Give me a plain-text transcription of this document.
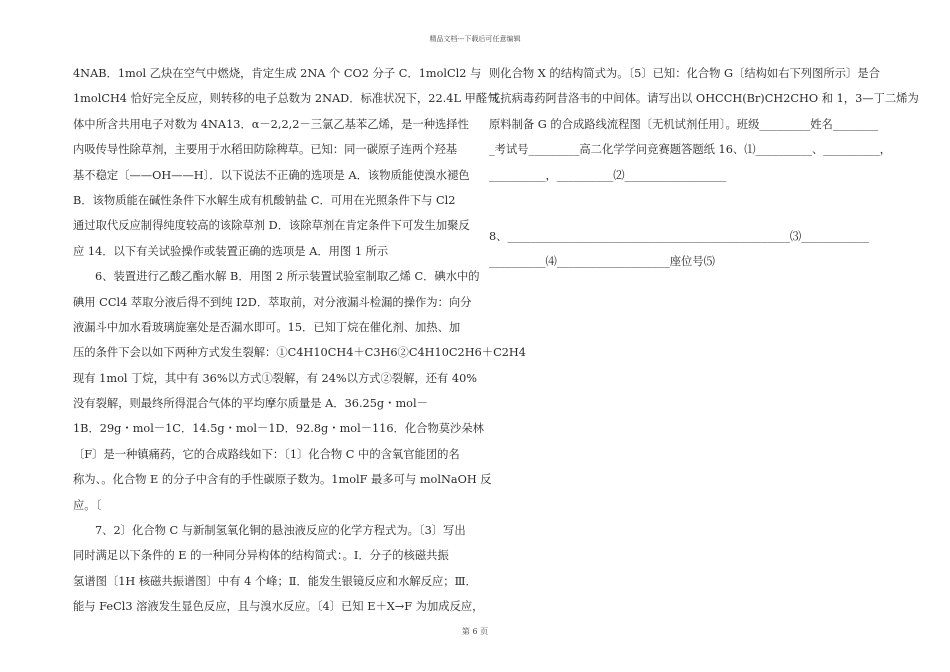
精品文档---下载后可任意编辑
4NAB．1mol 乙炔在空气中燃烧，肯定生成 2NA 个 CO2 分子 C．1molCl2 与
1molCH4 恰好完全反应，则转移的电子总数为 2NAD．标准状况下，22.4L 甲醛气
体中所含共用电子对数为 4NA13．α－2,2,2－三氯乙基苯乙烯，是一种选择性
内吸传导性除草剂，主要用于水稻田防除稗草。已知：同一碳原子连两个羟基
基不稳定〔——OH——H〕．以下说法不正确的选项是 A．该物质能使溴水褪色
B．该物质能在碱性条件下水解生成有机酸钠盐 C．可用在光照条件下与 Cl2
通过取代反应制得纯度较高的该除草剂 D．该除草剂在肯定条件下可发生加聚反
应 14．以下有关试验操作或装置正确的选项是 A．用图 1 所示
6、装置进行乙酸乙酯水解 B．用图 2 所示装置试验室制取乙烯 C．碘水中的
碘用 CCl4 萃取分液后得不到纯 I2D．萃取前，对分液漏斗检漏的操作为：向分
液漏斗中加水看玻璃旋塞处是否漏水即可。15．已知丁烷在催化剂、加热、加
压的条件下会以如下两种方式发生裂解：①C4H10CH4＋C3H6②C4H10C2H6＋C2H4
现有 1mol 丁烷，其中有 36%以方式①裂解，有 24%以方式②裂解，还有 40%
没有裂解，则最终所得混合气体的平均摩尔质量是 A．36.25g・mol－
1B．29g・mol－1C．14.5g・mol－1D．92.8g・mol－116．化合物莫沙朵林
〔F〕是一种镇痛药，它的合成路线如下：〔1〕化合物 C 中的含氧官能团的名
称为、。化合物 E 的分子中含有的手性碳原子数为。1molF 最多可与 molNaOH 反
应。〔
7、2〕化合物 C 与新制氢氧化铜的悬浊液反应的化学方程式为。〔3〕写出
同时满足以下条件的 E 的一种同分异构体的结构简式：。Ⅰ．分子的核磁共振
氢谱图〔1H 核磁共振谱图〕中有 4 个峰；Ⅱ．能发生银镜反应和水解反应；Ⅲ．
能与 FeCl3 溶液发生显色反应，且与溴水反应。〔4〕已知 E＋X→F 为加成反应，
则化合物 X 的结构简式为。〔5〕已知：化合物 G〔结构如右下列图所示〕是合
成抗病毒药阿昔洛韦的中间体。请写出以 OHCCH(Br)CH2CHO 和 1，3—丁二烯为
原料制备 G 的合成路线流程图〔无机试剂任用〕。班级_________姓名________
_考试号_________高二化学学问竞赛题答题纸 16、⑴__________、__________，
__________，__________⑵__________________
8、__________________________________________________⑶____________
__________⑷____________________座位号⑸
第 6 页
